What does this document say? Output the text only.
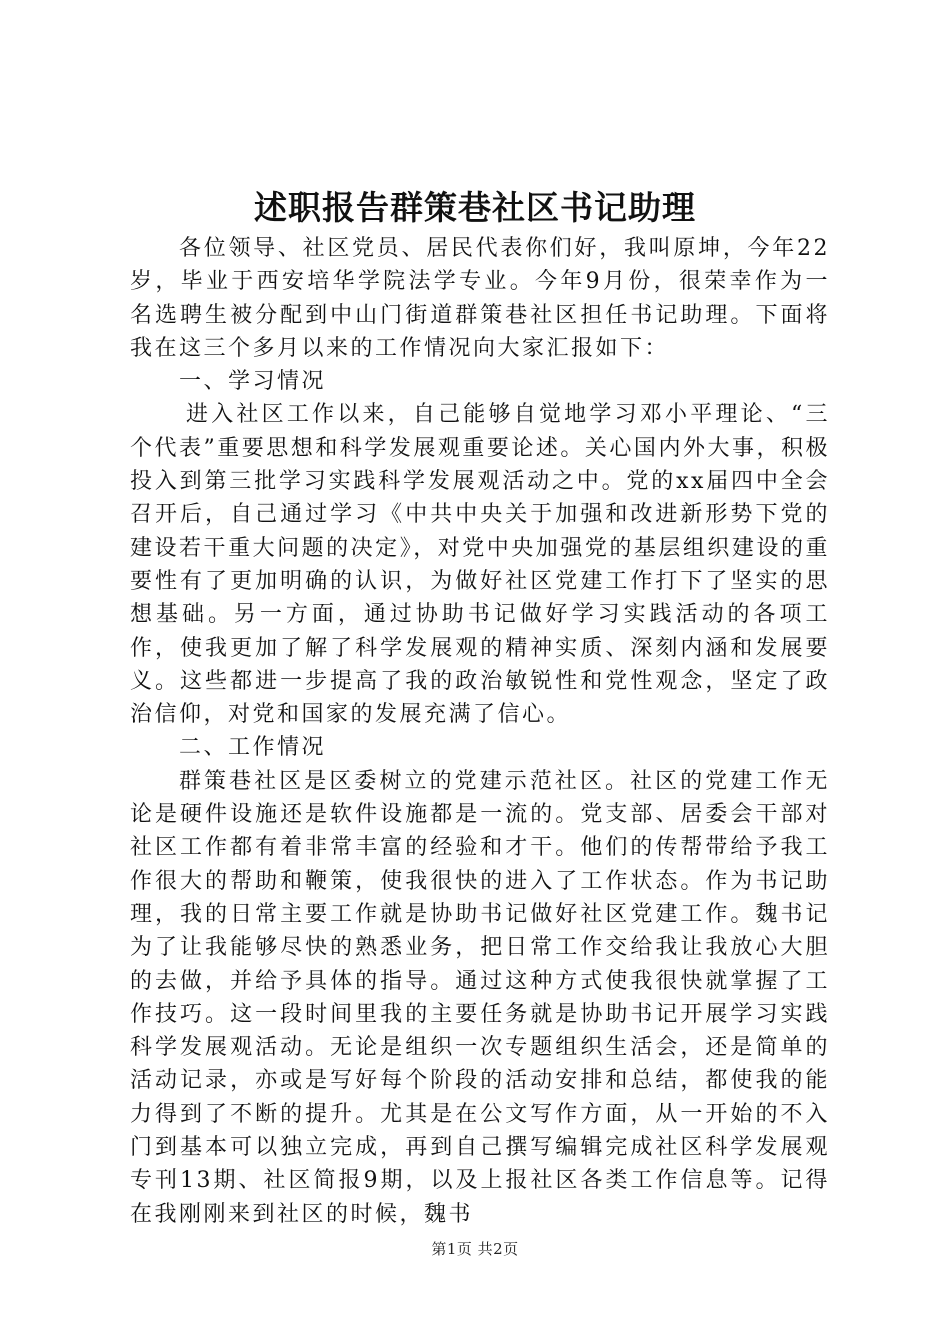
述职报告群策巷社区书记助理

各位领导、社区党员、居民代表你们好，我叫原坤，今年22岁，毕业于西安培华学院法学专业。今年9月份，很荣幸作为一名选聘生被分配到中山门街道群策巷社区担任书记助理。下面将我在这三个多月以来的工作情况向大家汇报如下：

一、学习情况

进入社区工作以来，自己能够自觉地学习邓小平理论、“三个代表”重要思想和科学发展观重要论述。关心国内外大事，积极投入到第三批学习实践科学发展观活动之中。党的xx届四中全会召开后，自己通过学习《中共中央关于加强和改进新形势下党的建设若干重大问题的决定》，对党中央加强党的基层组织建设的重要性有了更加明确的认识，为做好社区党建工作打下了坚实的思想基础。另一方面，通过协助书记做好学习实践活动的各项工作，使我更加了解了科学发展观的精神实质、深刻内涵和发展要义。这些都进一步提高了我的政治敏锐性和党性观念，坚定了政治信仰，对党和国家的发展充满了信心。

二、工作情况

群策巷社区是区委树立的党建示范社区。社区的党建工作无论是硬件设施还是软件设施都是一流的。党支部、居委会干部对社区工作都有着非常丰富的经验和才干。他们的传帮带给予我工作很大的帮助和鞭策，使我很快的进入了工作状态。作为书记助理，我的日常主要工作就是协助书记做好社区党建工作。魏书记为了让我能够尽快的熟悉业务，把日常工作交给我让我放心大胆的去做，并给予具体的指导。通过这种方式使我很快就掌握了工作技巧。这一段时间里我的主要任务就是协助书记开展学习实践科学发展观活动。无论是组织一次专题组织生活会，还是简单的活动记录，亦或是写好每个阶段的活动安排和总结，都使我的能力得到了不断的提升。尤其是在公文写作方面，从一开始的不入门到基本可以独立完成，再到自己撰写编辑完成社区科学发展观专刊13期、社区简报9期，以及上报社区各类工作信息等。记得在我刚刚来到社区的时候，魏书

第1页 共2页
